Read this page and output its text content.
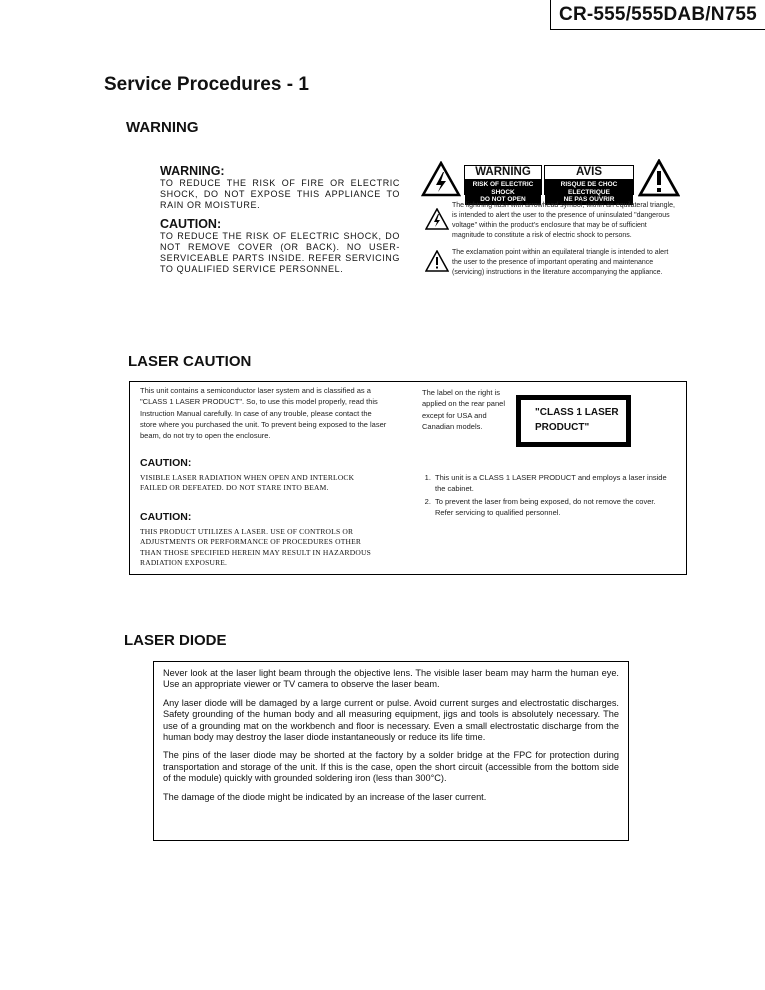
CR-555/555DAB/N755
Service Procedures - 1
WARNING
WARNING:
TO REDUCE THE RISK OF FIRE OR ELECTRIC SHOCK, DO NOT EXPOSE THIS APPLIANCE TO RAIN OR MOISTURE.
CAUTION:
TO REDUCE THE RISK OF ELECTRIC SHOCK, DO NOT REMOVE COVER (OR BACK). NO USER-SERVICEABLE PARTS INSIDE. REFER SERVICING TO QUALIFIED SERVICE PERSONNEL.
WARNING
RISK OF ELECTRIC SHOCK
DO NOT OPEN
AVIS
RISQUE DE CHOC ELECTRIQUE
NE PAS OUVRIR
The lightning flash with arrowhead symbol, within an equilateral triangle, is intended to alert the user to the presence of uninsulated "dangerous voltage" within the product's enclosure that may be of sufficient magnitude to constitute a risk of electric shock to persons.
The exclamation point within an equilateral triangle is intended to alert the user to the presence of important operating and maintenance (servicing) instructions in the literature accompanying the appliance.
LASER CAUTION
This unit contains a semiconductor laser system and is classified as a "CLASS 1 LASER PRODUCT". So, to use this model properly, read this Instruction Manual carefully. In case of any trouble, please contact the store where you purchased the unit. To prevent being exposed to the laser beam, do not try to open the enclosure.
CAUTION:
VISIBLE LASER RADIATION WHEN OPEN AND INTERLOCK FAILED OR DEFEATED. DO NOT STARE INTO BEAM.
CAUTION:
THIS PRODUCT UTILIZES A LASER. USE OF CONTROLS OR ADJUSTMENTS OR PERFORMANCE OF PROCEDURES OTHER THAN THOSE SPECIFIED HEREIN MAY RESULT IN HAZARDOUS RADIATION EXPOSURE.
The label on the right is applied on the rear panel except for USA and Canadian models.
"CLASS 1 LASER
PRODUCT"
1. This unit is a CLASS 1 LASER PRODUCT and employs a laser inside the cabinet.
2. To prevent the laser from being exposed, do not remove the cover. Refer servicing to qualified personnel.
LASER DIODE

Never look at the laser light beam through the objective lens. The visible laser beam may harm the human eye. Use an appropriate viewer or TV camera to observe the laser beam.

Any laser diode will be damaged by a large current or pulse. Avoid current surges and electrostatic discharges. Safety grounding of the human body and all measuring equipment, jigs and tools is absolutely necessary. The use of a grounding mat on the workbench and floor is necessary. Even a small electrostatic discharge from the human body may destroy the laser diode instantaneously or reduce its life time.

The pins of the laser diode may be shorted at the factory by a solder bridge at the FPC for protection during transportation and storage of the unit. If this is the case, open the short circuit (accessible from the bottom side of the module) quickly with grounded soldering iron (less than 300°C).

The damage of the diode might be indicated by an increase of the laser current.
